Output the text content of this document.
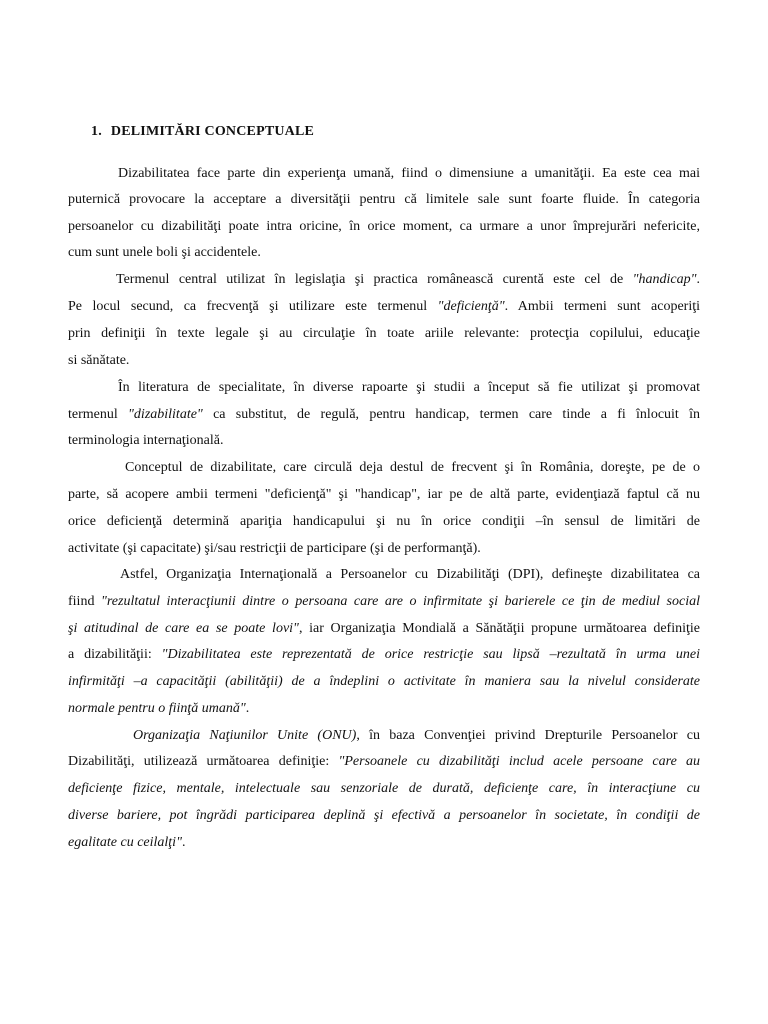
1. DELIMITĂRI CONCEPTUALE
Dizabilitatea face parte din experienţa umană, fiind o dimensiune a umanităţii. Ea este cea mai
puternică provocare la acceptare a diversităţii pentru că limitele sale sunt foarte fluide. În categoria
persoanelor cu dizabilităţi poate intra oricine, în orice moment, ca urmare a unor împrejurări nefericite,
cum sunt unele boli şi accidentele.
Termenul central utilizat în legislaţia şi practica românească curentă este cel de "handicap".
Pe locul secund, ca frecvenţă şi utilizare este termenul "deficienţă". Ambii termeni sunt acoperiţi
prin definiţii în texte legale şi au circulaţie în toate ariile relevante: protecţia copilului, educaţie
si sănătate.
În literatura de specialitate, în diverse rapoarte şi studii a început să fie utilizat şi promovat
termenul "dizabilitate" ca substitut, de regulă, pentru handicap, termen care tinde a fi înlocuit în
terminologia internaţională.
Conceptul de dizabilitate, care circulă deja destul de frecvent şi în România, doreşte, pe de o
parte, să acopere ambii termeni "deficienţă" şi "handicap", iar pe de altă parte, evidenţiază faptul că nu
orice deficienţă determină apariţia handicapului şi nu în orice condiţii –în sensul de limitări de
activitate (şi capacitate) şi/sau restricţii de participare (şi de performanţă).
Astfel, Organizaţia Internaţională a Persoanelor cu Dizabilităţi (DPI), defineşte dizabilitatea ca
fiind "rezultatul interacţiunii dintre o persoana care are o infirmitate şi barierele ce ţin de mediul social
şi atitudinal de care ea se poate lovi", iar Organizaţia Mondială a Sănătăţii propune următoarea definiţie
a dizabilităţii: "Dizabilitatea este reprezentată de orice restricţie sau lipsă –rezultată în urma unei
infirmităţi –a capacităţii (abilităţii) de a îndeplini o activitate în maniera sau la nivelul considerate
normale pentru o fiinţă umană".
Organizaţia Naţiunilor Unite (ONU), în baza Convenţiei privind Drepturile Persoanelor cu
Dizabilităţi, utilizează următoarea definiţie: "Persoanele cu dizabilităţi includ acele persoane care au
deficienţe fizice, mentale, intelectuale sau senzoriale de durată, deficienţe care, în interacţiune cu
diverse bariere, pot îngrădi participarea deplină şi efectivă a persoanelor în societate, în condiţii de
egalitate cu ceilalţi".
